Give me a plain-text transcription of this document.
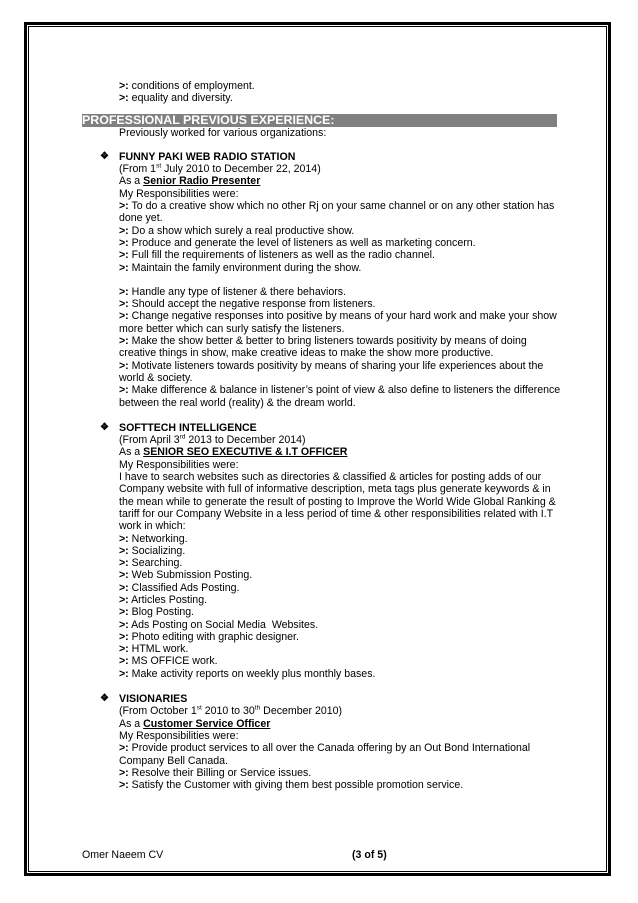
>: conditions of employment.
>: equality and diversity.
PROFESSIONAL PREVIOUS EXPERIENCE:
Previously worked for various organizations:
❖ FUNNY PAKI WEB RADIO STATION
(From 1st July 2010 to December 22, 2014)
As a Senior Radio Presenter
My Responsibilities were:
>: To do a creative show which no other Rj on your same channel or on any other station has done yet.
>: Do a show which surely a real productive show.
>: Produce and generate the level of listeners as well as marketing concern.
>: Full fill the requirements of listeners as well as the radio channel.
>: Maintain the family environment during the show.
>: Handle any type of listener & there behaviors.
>: Should accept the negative response from listeners.
>: Change negative responses into positive by means of your hard work and make your show more better which can surly satisfy the listeners.
>: Make the show better & better to bring listeners towards positivity by means of doing creative things in show, make creative ideas to make the show more productive.
>: Motivate listeners towards positivity by means of sharing your life experiences about the world & society.
>: Make difference & balance in listener’s point of view & also define to listeners the difference between the real world (reality) & the dream world.
❖ SOFTTECH INTELLIGENCE
(From April 3rd 2013 to December 2014)
As a SENIOR SEO EXECUTIVE & I.T OFFICER
My Responsibilities were:
I have to search websites such as directories & classified & articles for posting adds of our Company website with full of informative description, meta tags plus generate keywords & in the mean while to generate the result of posting to Improve the World Wide Global Ranking & tariff for our Company Website in a less period of time & other responsibilities related with I.T work in which:
>: Networking.
>: Socializing.
>: Searching.
>: Web Submission Posting.
>: Classified Ads Posting.
>: Articles Posting.
>: Blog Posting.
>: Ads Posting on Social Media  Websites.
>: Photo editing with graphic designer.
>: HTML work.
>: MS OFFICE work.
>: Make activity reports on weekly plus monthly bases.
❖ VISIONARIES
(From October 1st 2010 to 30th December 2010)
As a Customer Service Officer
My Responsibilities were:
>: Provide product services to all over the Canada offering by an Out Bond International Company Bell Canada.
>: Resolve their Billing or Service issues.
>: Satisfy the Customer with giving them best possible promotion service.
Omer Naeem CV	(3 of 5)
